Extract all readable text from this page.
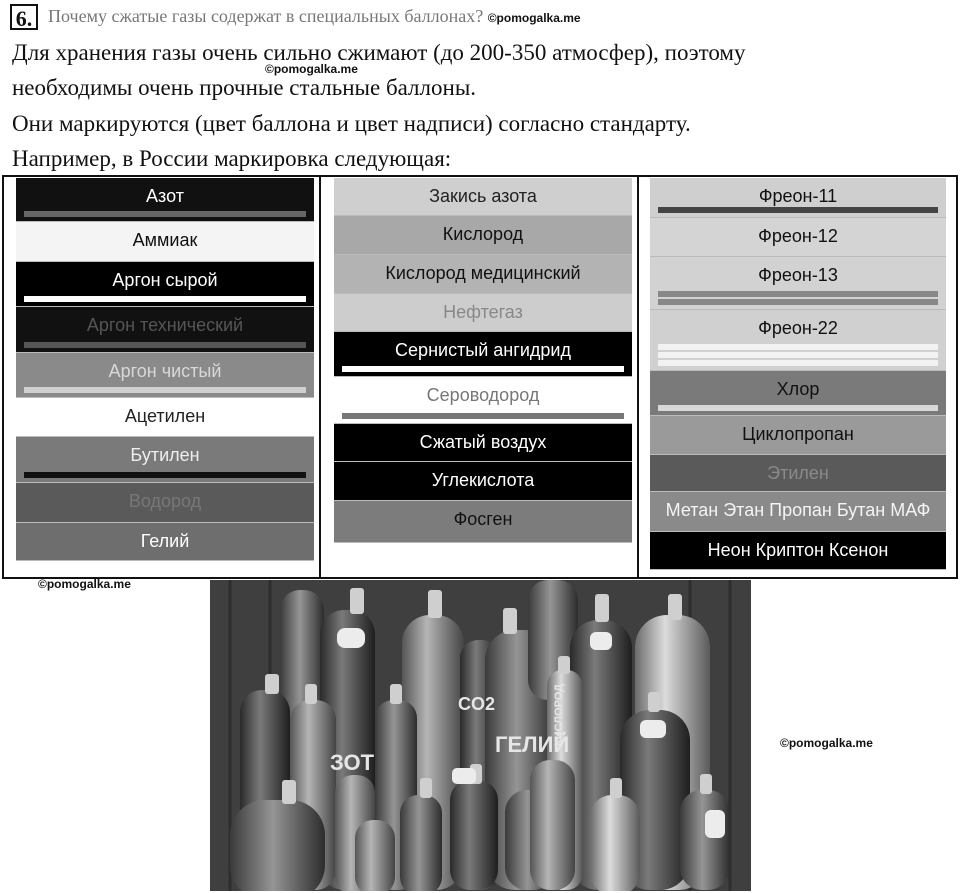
6. Почему сжатые газы содержат в специальных баллонах? ©pomogalka.me
Для хранения газы очень сильно сжимают (до 200-350 атмосфер), поэтому
©pomogalka.me
необходимы очень прочные стальные баллоны.
Они маркируются (цвет баллона и цвет надписи) согласно стандарту.
Например, в России маркировка следующая:
Азот
Аммиак
Аргон сырой
Аргон технический
Аргон чистый
Ацетилен
Бутилен
Водород
Гелий
Закись азота
Кислород
Кислород медицинский
Нефтегаз
Сернистый ангидрид
Сероводород
Сжатый воздух
Углекислота
Фосген
Фреон-11
Фреон-12
Фреон-13
Фреон-22
Хлор
Циклопропан
Этилен
Метан Этан Пропан Бутан МАФ
Неон Криптон Ксенон
©pomogalka.me
ГЕЛИЙ
CO2	КИСЛОРОД
ЗОТ
©pomogalka.me
